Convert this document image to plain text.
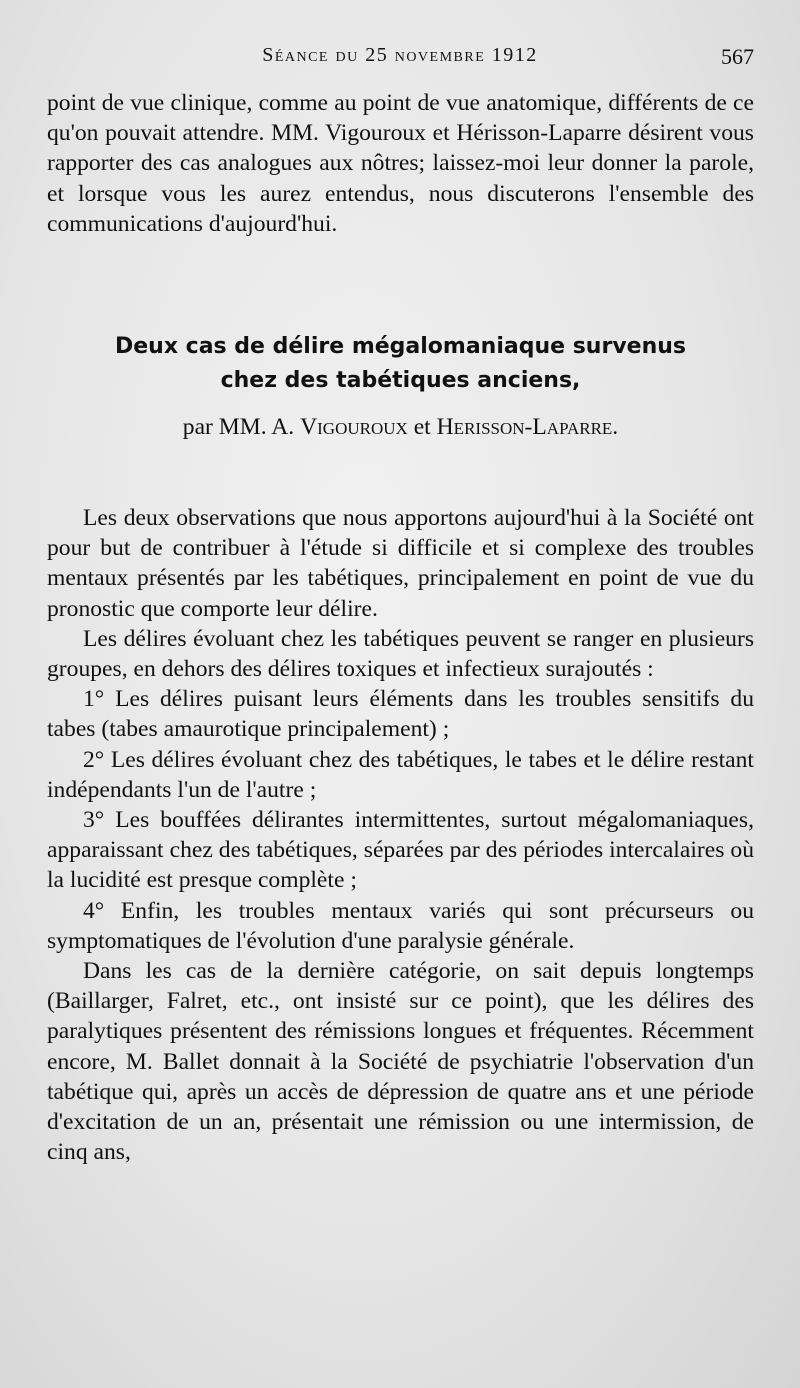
Séance du 25 novembre 1912	567

point de vue clinique, comme au point de vue anatomique, différents de ce qu'on pouvait attendre. MM. Vigouroux et Hérisson-Laparre désirent vous rapporter des cas analogues aux nôtres; laissez-moi leur donner la parole, et lorsque vous les aurez entendus, nous discuterons l'ensemble des communications d'aujourd'hui.

Deux cas de délire mégalomaniaque survenus

chez des tabétiques anciens,

par MM. A. Vigouroux et Herisson-Laparre.

Les deux observations que nous apportons aujourd'hui à la Société ont pour but de contribuer à l'étude si difficile et si complexe des troubles mentaux présentés par les tabétiques, principalement en point de vue du pronostic que comporte leur délire.

Les délires évoluant chez les tabétiques peuvent se ranger en plusieurs groupes, en dehors des délires toxiques et infectieux surajoutés :

1° Les délires puisant leurs éléments dans les troubles sensitifs du tabes (tabes amaurotique principalement) ;

2° Les délires évoluant chez des tabétiques, le tabes et le délire restant indépendants l'un de l'autre ;

3° Les bouffées délirantes intermittentes, surtout mégalomaniaques, apparaissant chez des tabétiques, séparées par des périodes intercalaires où la lucidité est presque complète ;

4° Enfin, les troubles mentaux variés qui sont précurseurs ou symptomatiques de l'évolution d'une paralysie générale.

Dans les cas de la dernière catégorie, on sait depuis longtemps (Baillarger, Falret, etc., ont insisté sur ce point), que les délires des paralytiques présentent des rémissions longues et fréquentes. Récemment encore, M. Ballet donnait à la Société de psychiatrie l'observation d'un tabétique qui, après un accès de dépression de quatre ans et une période d'excitation de un an, présentait une rémission ou une intermission, de cinq ans,
